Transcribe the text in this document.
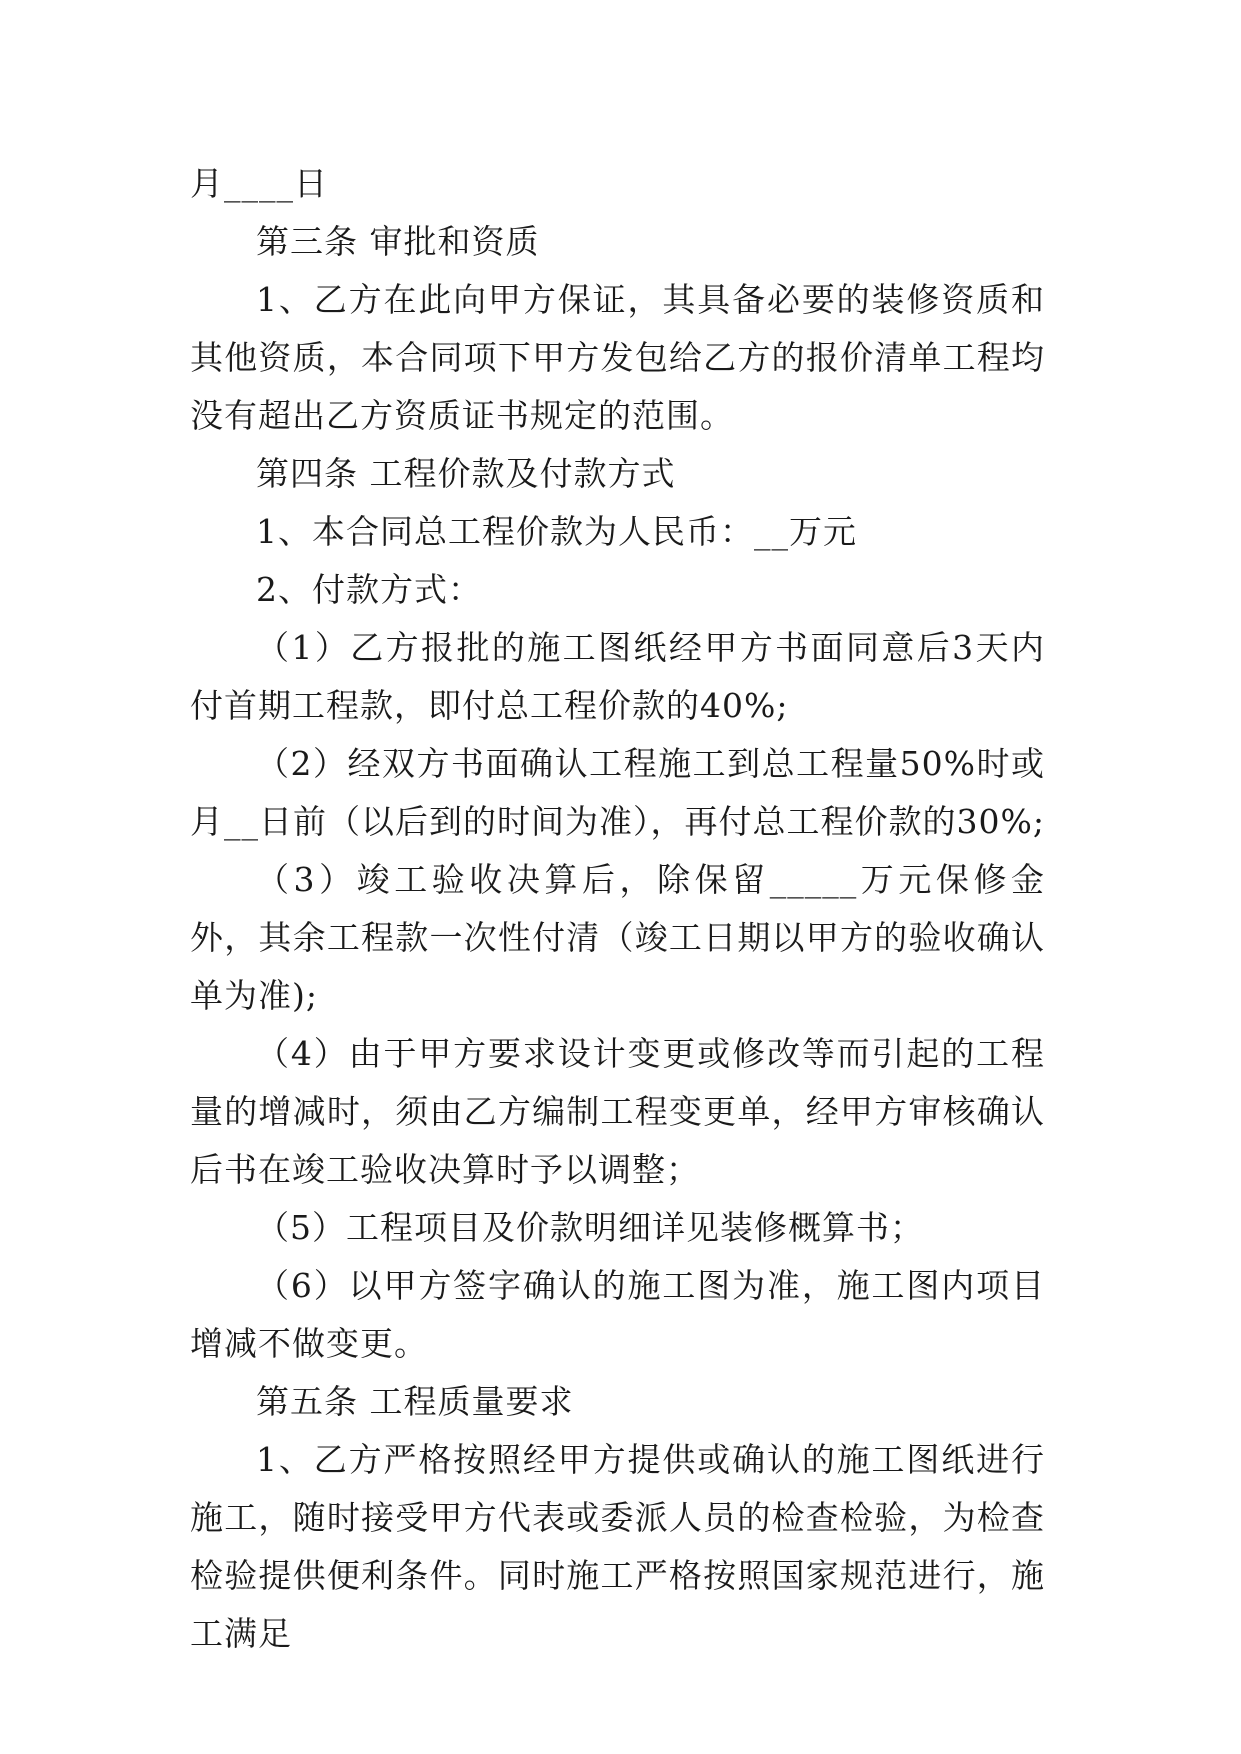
月____日

第三条 审批和资质

1、乙方在此向甲方保证，其具备必要的装修资质和其他资质，本合同项下甲方发包给乙方的报价清单工程均没有超出乙方资质证书规定的范围。

第四条 工程价款及付款方式

1、本合同总工程价款为人民币：__万元

2、付款方式：

（1）乙方报批的施工图纸经甲方书面同意后3天内付首期工程款，即付总工程价款的40%;

（2）经双方书面确认工程施工到总工程量50%时或月__日前（以后到的时间为准），再付总工程价款的30%;

（3）竣工验收决算后，除保留_____万元保修金外，其余工程款一次性付清（竣工日期以甲方的验收确认单为准);

（4）由于甲方要求设计变更或修改等而引起的工程量的增减时，须由乙方编制工程变更单，经甲方审核确认后书在竣工验收决算时予以调整；

（5）工程项目及价款明细详见装修概算书；

（6）以甲方签字确认的施工图为准，施工图内项目增减不做变更。

第五条 工程质量要求

1、乙方严格按照经甲方提供或确认的施工图纸进行施工，随时接受甲方代表或委派人员的检查检验，为检查检验提供便利条件。同时施工严格按照国家规范进行，施工满足
